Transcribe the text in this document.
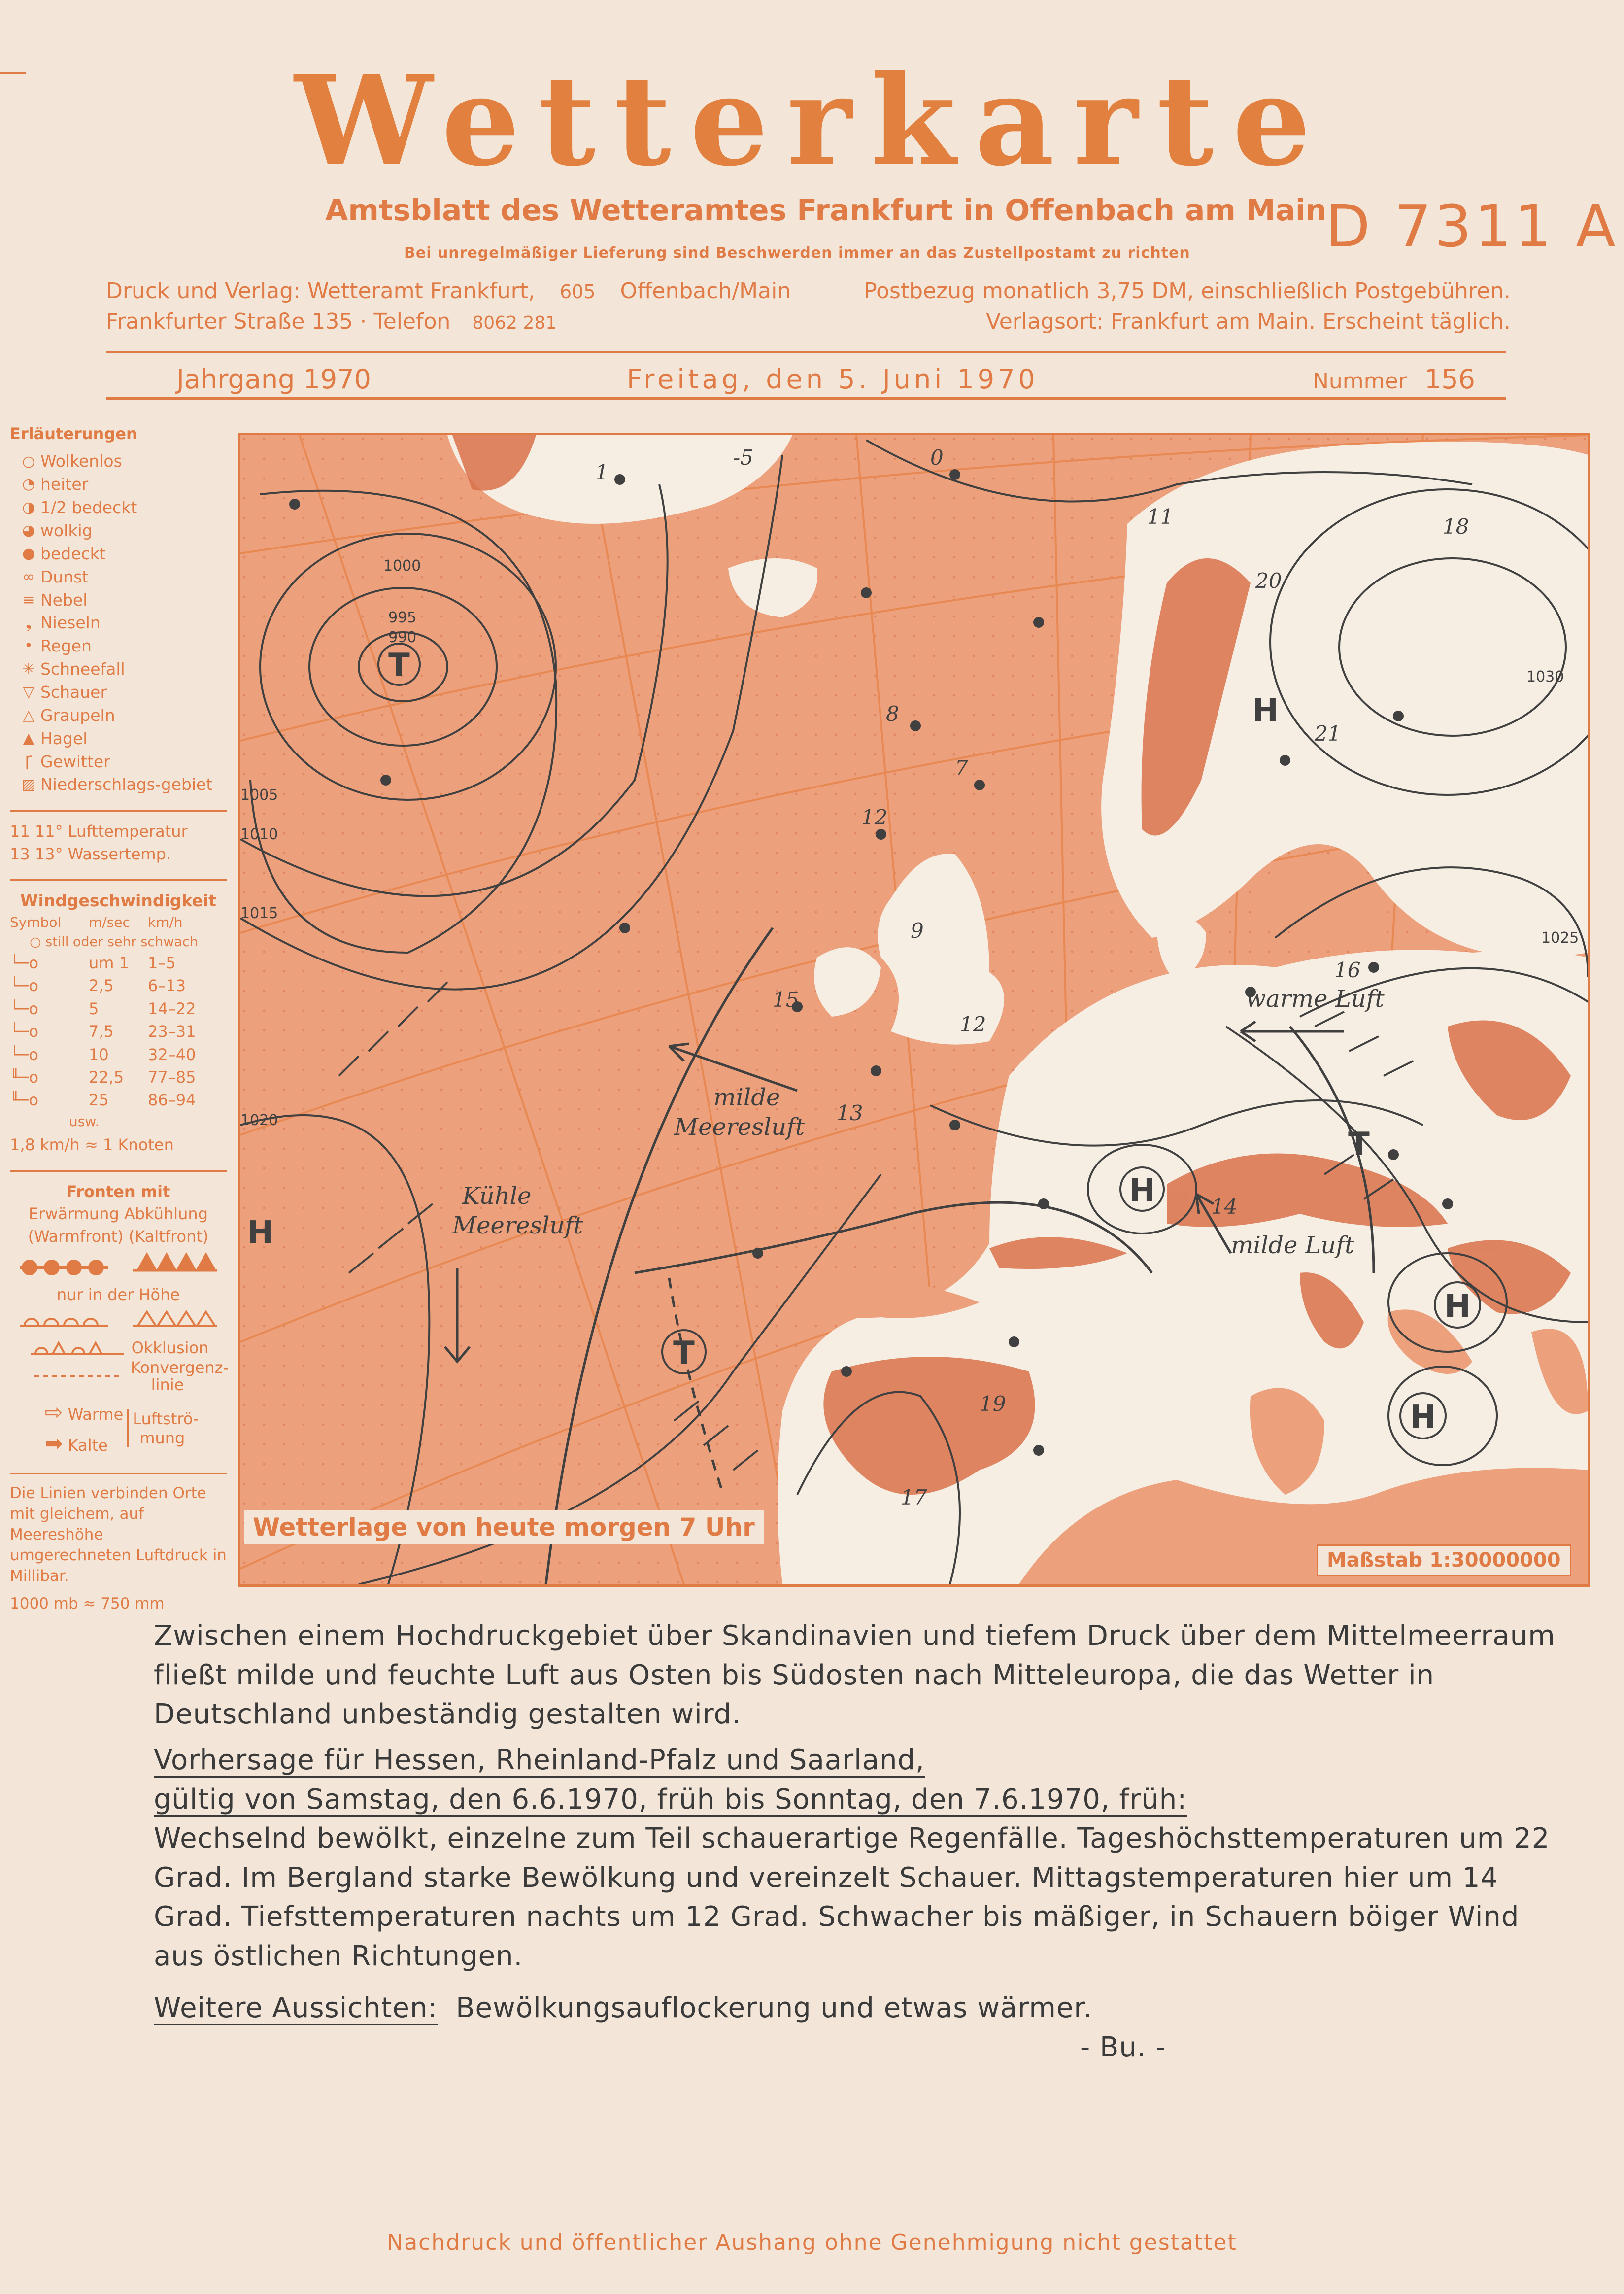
Wetterkarte
Amtsblatt des Wetteramtes Frankfurt in Offenbach am Main
D 7311 A
Bei unregelmäßiger Lieferung sind Beschwerden immer an das Zustellpostamt zu richten
Druck und Verlag: Wetteramt Frankfurt, 605 Offenbach/Main
Frankfurter Straße 135 · Telefon 8062 281
Postbezug monatlich 3,75 DM, einschließlich Postgebühren.
Verlagsort: Frankfurt am Main. Erscheint täglich.
Jahrgang 1970	Freitag, den 5. Juni 1970	Nummer 156
Erläuterungen
○ Wolkenlos
◔ heiter
◑ 1/2 bedeckt
◕ wolkig
● bedeckt
∞ Dunst
≡ Nebel
❟ Nieseln
• Regen
✳ Schneefall
▽ Schauer
△ Graupeln
▲ Hagel
Ꞅ Gewitter
▨ Niederschlags-gebiet
11 11° Lufttemperatur
13 13° Wassertemp.
Windgeschwindigkeit
Symbol	m/sec	km/h
○ still oder sehr schwach
└─o	um 1	1–5
└─o	2,5	6–13
└─o	5	14–22
└─o	7,5	23–31
└─o	10	32–40
╙─o	22,5	77–85
╙─o	25	86–94
usw.
1,8 km/h ≈ 1 Knoten
Fronten mit
Erwärmung Abkühlung
(Warmfront) (Kaltfront)
nur in der Höhe
Okklusion
Konvergenz-linie
⇨ Warme
➡ Kalte
Luftströ-mung
Die Linien verbinden Orte mit gleichem, auf Meereshöhe umgerechneten Luftdruck in Millibar.
1000 mb ≈ 750 mm
T
H
T
H
H
H
H
T
995
990
1000
1005
1010
1015
1020
1025
1030
1
-5	0
11	18
20
8
7
12
15
13
14
16
17
19
21
12
9
milde
Meeresluft
Kühle
Meeresluft
warme Luft
milde Luft
Wetterlage von heute morgen 7 Uhr
Maßstab 1:30000000
Zwischen einem Hochdruckgebiet über Skandinavien und tiefem Druck über dem Mittelmeerraum fließt milde und feuchte Luft aus Osten bis Südosten nach Mitteleuropa, die das Wetter in Deutschland unbeständig gestalten wird.
Vorhersage für Hessen, Rheinland-Pfalz und Saarland,
gültig von Samstag, den 6.6.1970, früh bis Sonntag, den 7.6.1970, früh:
Wechselnd bewölkt, einzelne zum Teil schauerartige Regenfälle. Tageshöchsttemperaturen um 22 Grad. Im Bergland starke Bewölkung und vereinzelt Schauer. Mittagstemperaturen hier um 14 Grad. Tiefsttemperaturen nachts um 12 Grad. Schwacher bis mäßiger, in Schauern böiger Wind aus östlichen Richtungen.
Weitere Aussichten: Bewölkungsauflockerung und etwas wärmer.
- Bu. -
Nachdruck und öffentlicher Aushang ohne Genehmigung nicht gestattet
